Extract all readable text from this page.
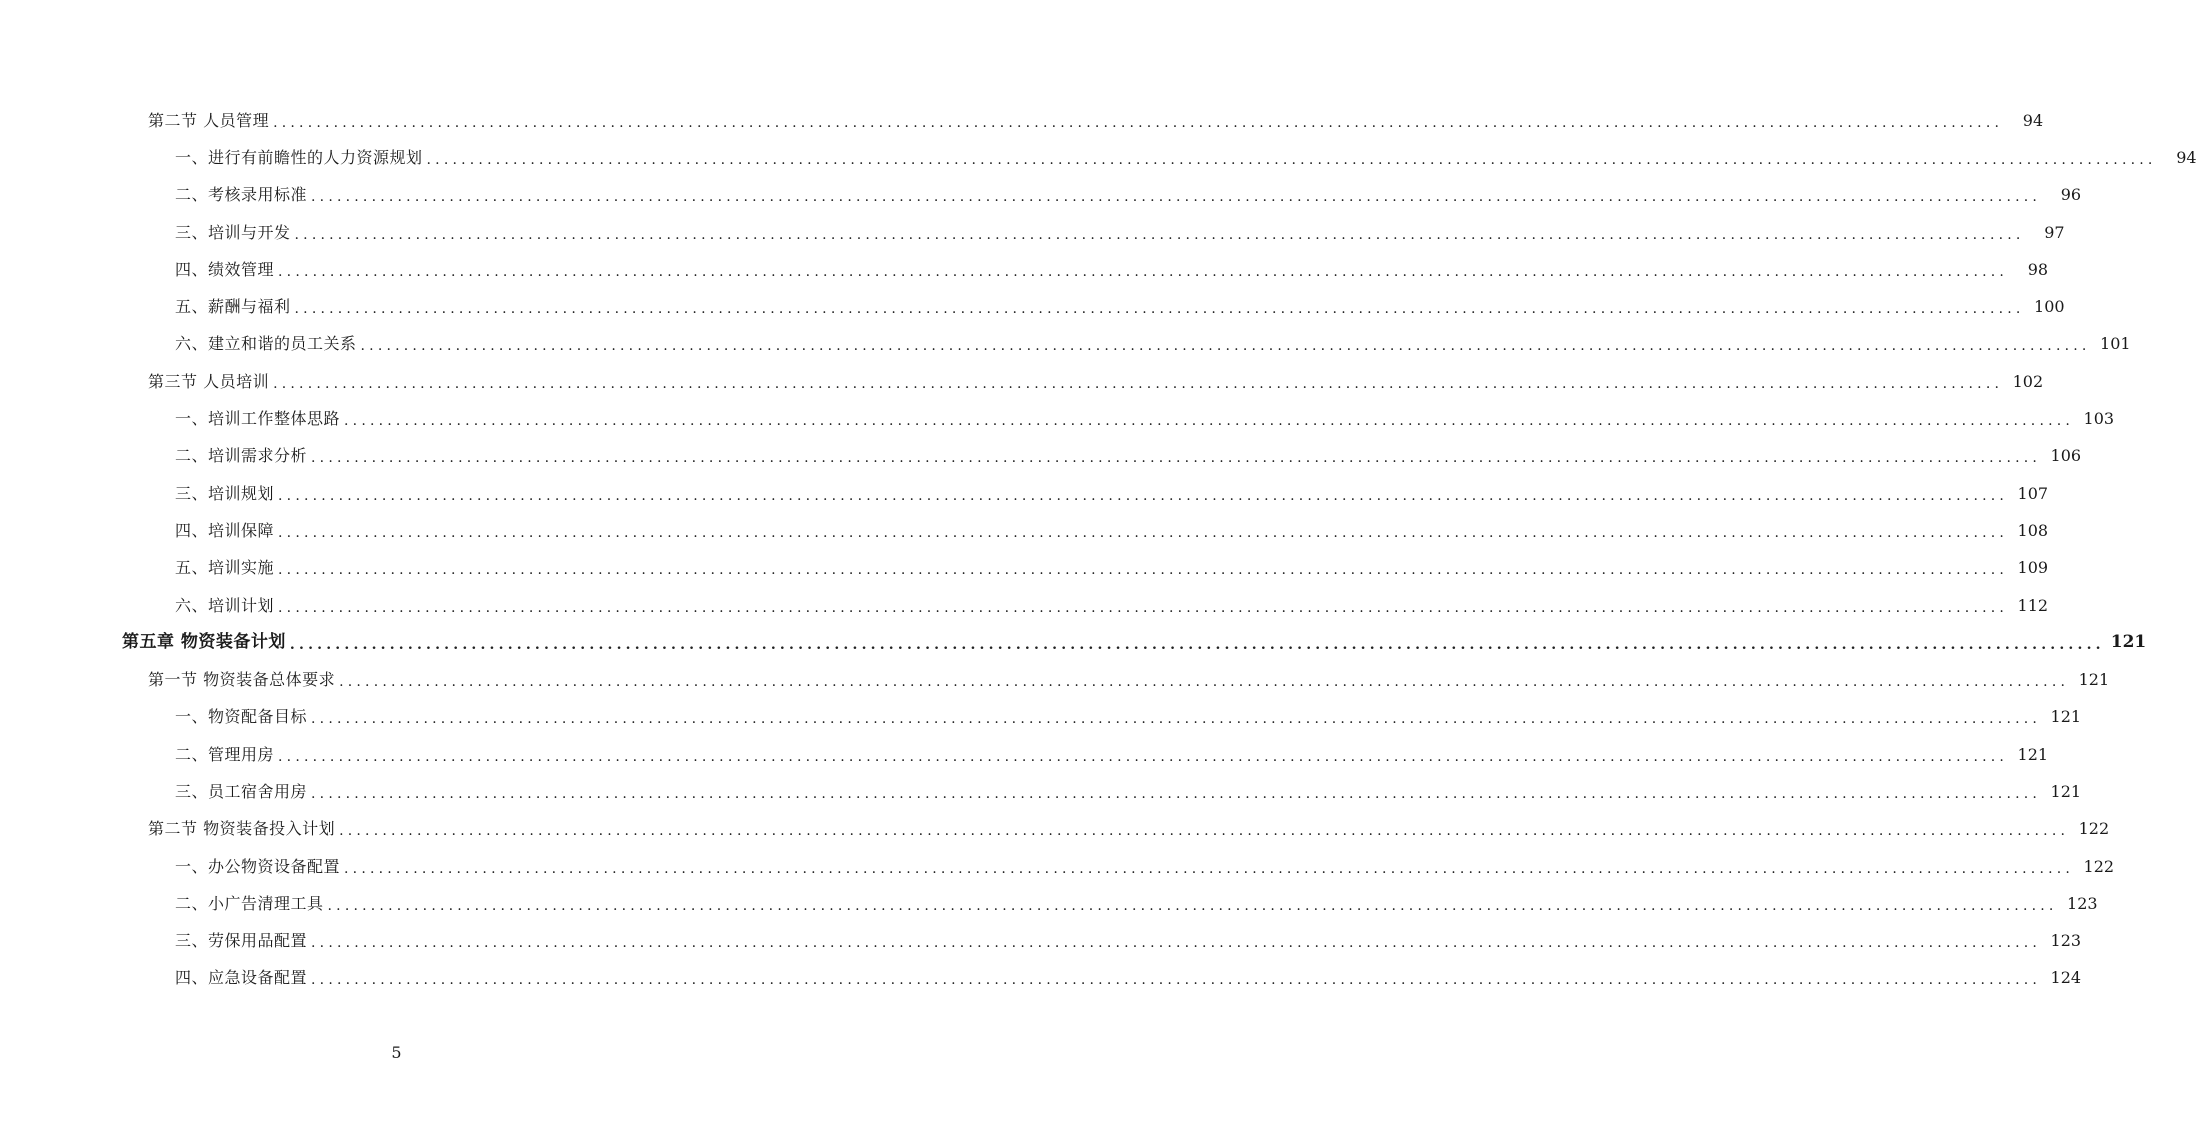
第二节 人员管理 ........................................................................................................................................................................................................	94
一、进行有前瞻性的人力资源规划 ........................................................................................................................................................................................................	94
二、考核录用标准 ........................................................................................................................................................................................................	96
三、培训与开发 ........................................................................................................................................................................................................	97
四、绩效管理 ........................................................................................................................................................................................................	98
五、薪酬与福利 ........................................................................................................................................................................................................ 100
六、建立和谐的员工关系 ........................................................................................................................................................................................................ 101
第三节 人员培训 ........................................................................................................................................................................................................ 102
一、培训工作整体思路 ........................................................................................................................................................................................................ 103
二、培训需求分析 ........................................................................................................................................................................................................ 106
三、培训规划 ........................................................................................................................................................................................................ 107
四、培训保障 ........................................................................................................................................................................................................ 108
五、培训实施 ........................................................................................................................................................................................................ 109
六、培训计划 ........................................................................................................................................................................................................ 112
第五章 物资装备计划 ........................................................................................................................................................................................................ 121
第一节 物资装备总体要求 ........................................................................................................................................................................................................ 121
一、物资配备目标 ........................................................................................................................................................................................................ 121
二、管理用房 ........................................................................................................................................................................................................ 121
三、员工宿舍用房 ........................................................................................................................................................................................................ 121
第二节 物资装备投入计划 ........................................................................................................................................................................................................ 122
一、办公物资设备配置 ........................................................................................................................................................................................................ 122
二、小广告清理工具 ........................................................................................................................................................................................................ 123
三、劳保用品配置 ........................................................................................................................................................................................................ 123
四、应急设备配置 ........................................................................................................................................................................................................ 124
5
